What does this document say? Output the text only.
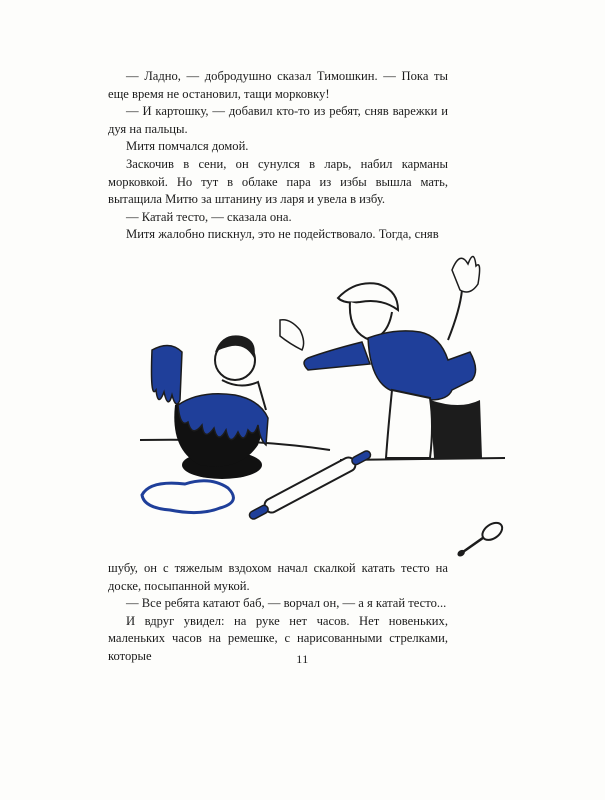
— Ладно, — добродушно сказал Тимошкин. — Пока ты еще время не остановил, тащи морковку!

— И картошку, — добавил кто-то из ребят, сняв варежки и дуя на пальцы.

Митя помчался домой.

Заскочив в сени, он сунулся в ларь, набил карманы морковкой. Но тут в облаке пара из избы вышла мать, вытащила Митю за штанину из ларя и увела в избу.

— Катай тесто, — сказала она.

Митя жалобно пискнул, это не подействовало. Тогда, сняв

шубу, он с тяжелым вздохом начал скалкой катать тесто на доске, посыпанной мукой.

— Все ребята катают баб, — ворчал он, — а я катай тесто...

И вдруг увидел: на руке нет часов. Нет новеньких, маленьких часов на ремешке, с нарисованными стрелками, которые	11
